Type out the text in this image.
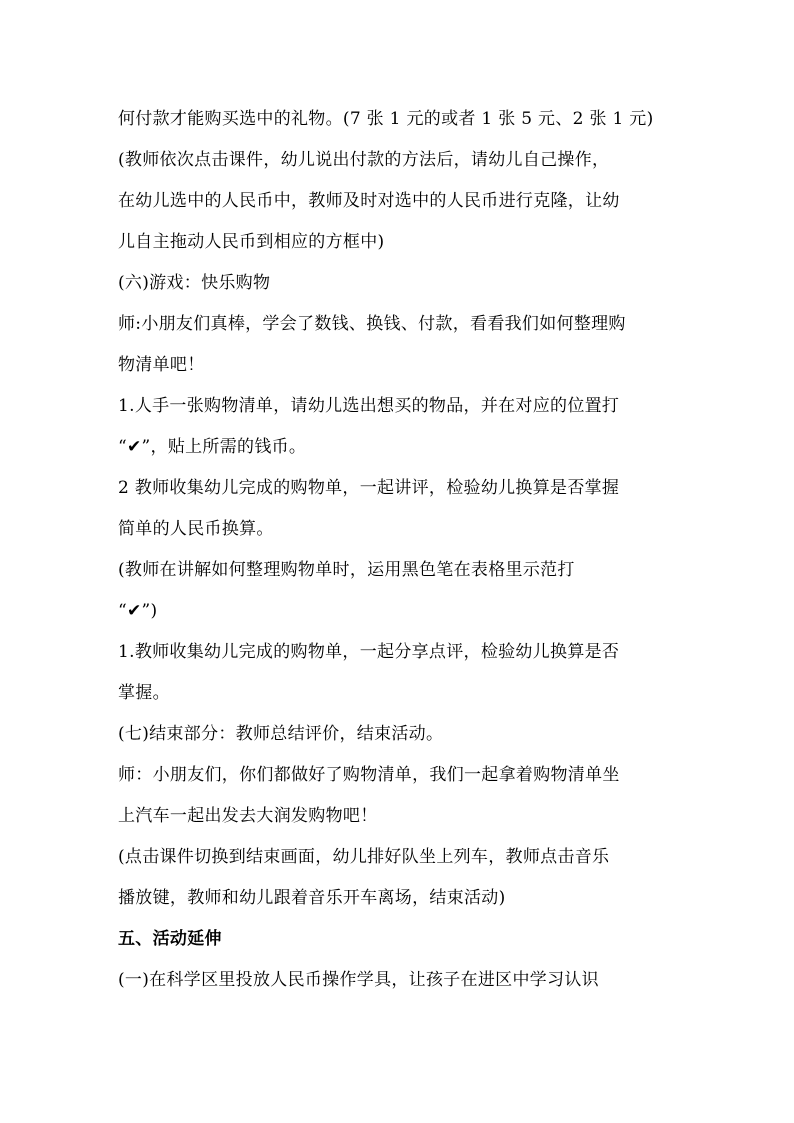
何付款才能购买选中的礼物。(7 张 1 元的或者 1 张 5 元、2 张 1 元)
(教师依次点击课件，幼儿说出付款的方法后，请幼儿自己操作，
在幼儿选中的人民币中，教师及时对选中的人民币进行克隆，让幼
儿自主拖动人民币到相应的方框中)
(六)游戏：快乐购物
师:小朋友们真棒，学会了数钱、换钱、付款，看看我们如何整理购
物清单吧！
1.人手一张购物清单，请幼儿选出想买的物品，并在对应的位置打
“✔”，贴上所需的钱币。
2 教师收集幼儿完成的购物单，一起讲评，检验幼儿换算是否掌握
简单的人民币换算。
(教师在讲解如何整理购物单时，运用黑色笔在表格里示范打
“✔”)
1.教师收集幼儿完成的购物单，一起分享点评，检验幼儿换算是否
掌握。
(七)结束部分：教师总结评价，结束活动。
师：小朋友们，你们都做好了购物清单，我们一起拿着购物清单坐
上汽车一起出发去大润发购物吧！
(点击课件切换到结束画面，幼儿排好队坐上列车，教师点击音乐
播放键，教师和幼儿跟着音乐开车离场，结束活动)
五、活动延伸
(一)在科学区里投放人民币操作学具，让孩子在进区中学习认识
